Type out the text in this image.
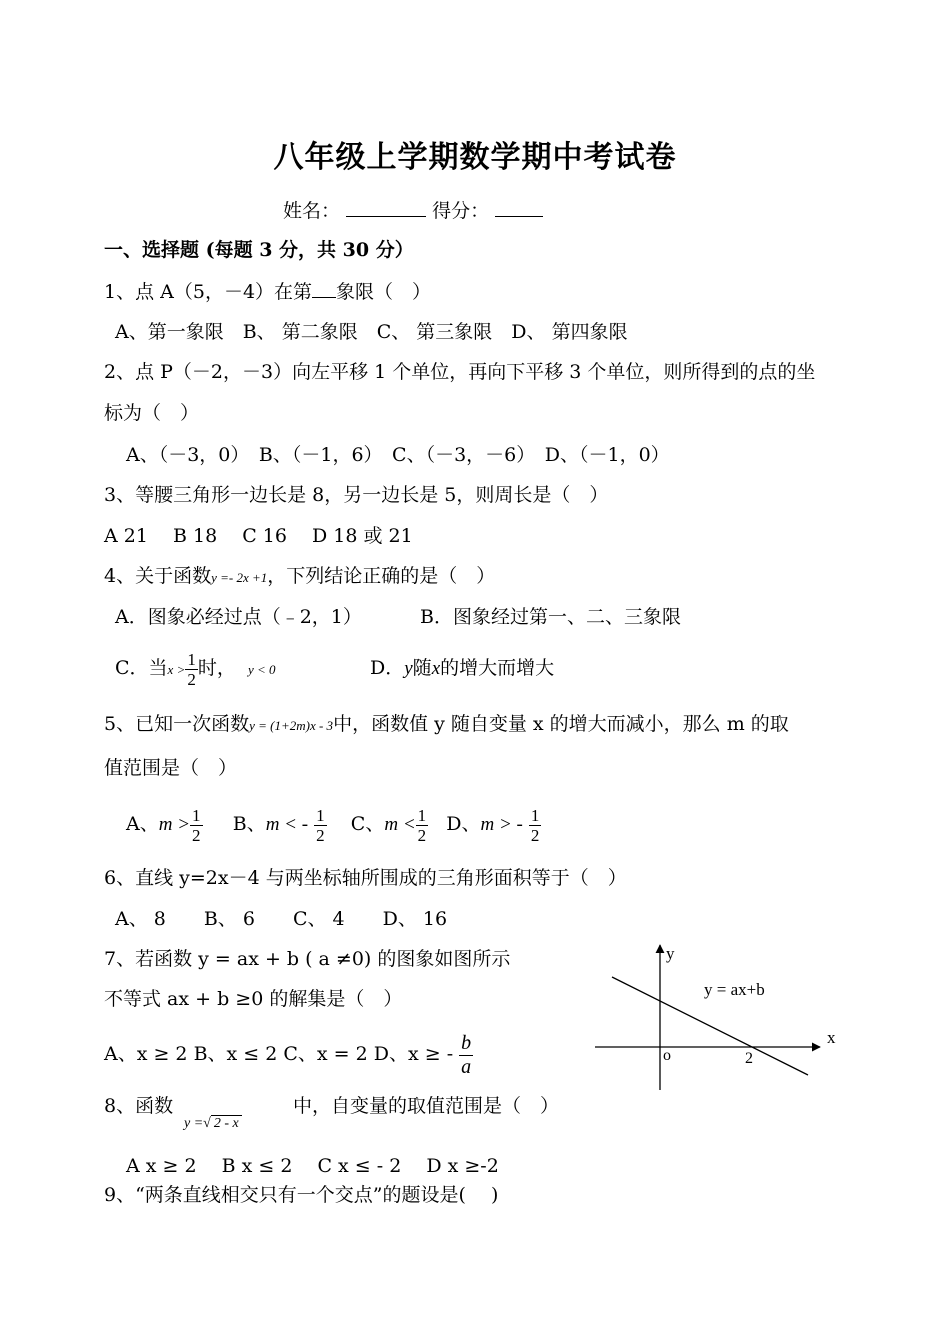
八年级上学期数学期中考试卷
姓名：	得分：
一、选择题 (每题 3 分，共 30 分）
1、点 A（5，－4）在第 象限（　）
A、第一象限　B、 第二象限　C、 第三象限　D、 第四象限
2、点 P（－2，－3）向左平移 1 个单位，再向下平移 3 个单位，则所得到的点的坐
标为（　）
A、（－3，0）　B、（－1，6）　C、（－3，－6）　D、（－1，0）
3、等腰三角形一边长是 8，另一边长是 5，则周长是（　）
A 21　 B 18　 C 16　 D 18 或 21
4、关于函数y =- 2x +1，下列结论正确的是（　）
A．图象必经过点（﹣2，1）	B．图象经过第一、二、三象限
C．当$x > \frac{1}{2}$ 时， y < 0	D．y随x的增大而增大
5、已知一次函数y = (1+2m)x - 3中，函数值 y 随自变量 x 的增大而减小，那么 m 的取
值范围是（　）
A、$m > \frac{1}{2}$ B、m < - $\frac{1}{2}$ C、$m < \frac{1}{2}$ D、m > - $\frac{1}{2}$
6、直线 y=2x－4 与两坐标轴所围成的三角形面积等于（　）
A、 8　　B、 6　　C、 4　　D、 16
7、若函数 y = ax + b ( a ≠0) 的图象如图所示
不等式 ax + b ≥0 的解集是（　）
A、x ≥ 2 B、x ≤ 2 C、x = 2 D、x ≥ - $\frac{b}{a}$
y
x
o	2
y = ax+b
8、函数
y =√ 2 - x
中，自变量的取值范围是（　）
A x ≥ 2　 B x ≤ 2　 C x ≤ - 2　 D x ≥-2
9、“两条直线相交只有一个交点”的题设是(　 )
